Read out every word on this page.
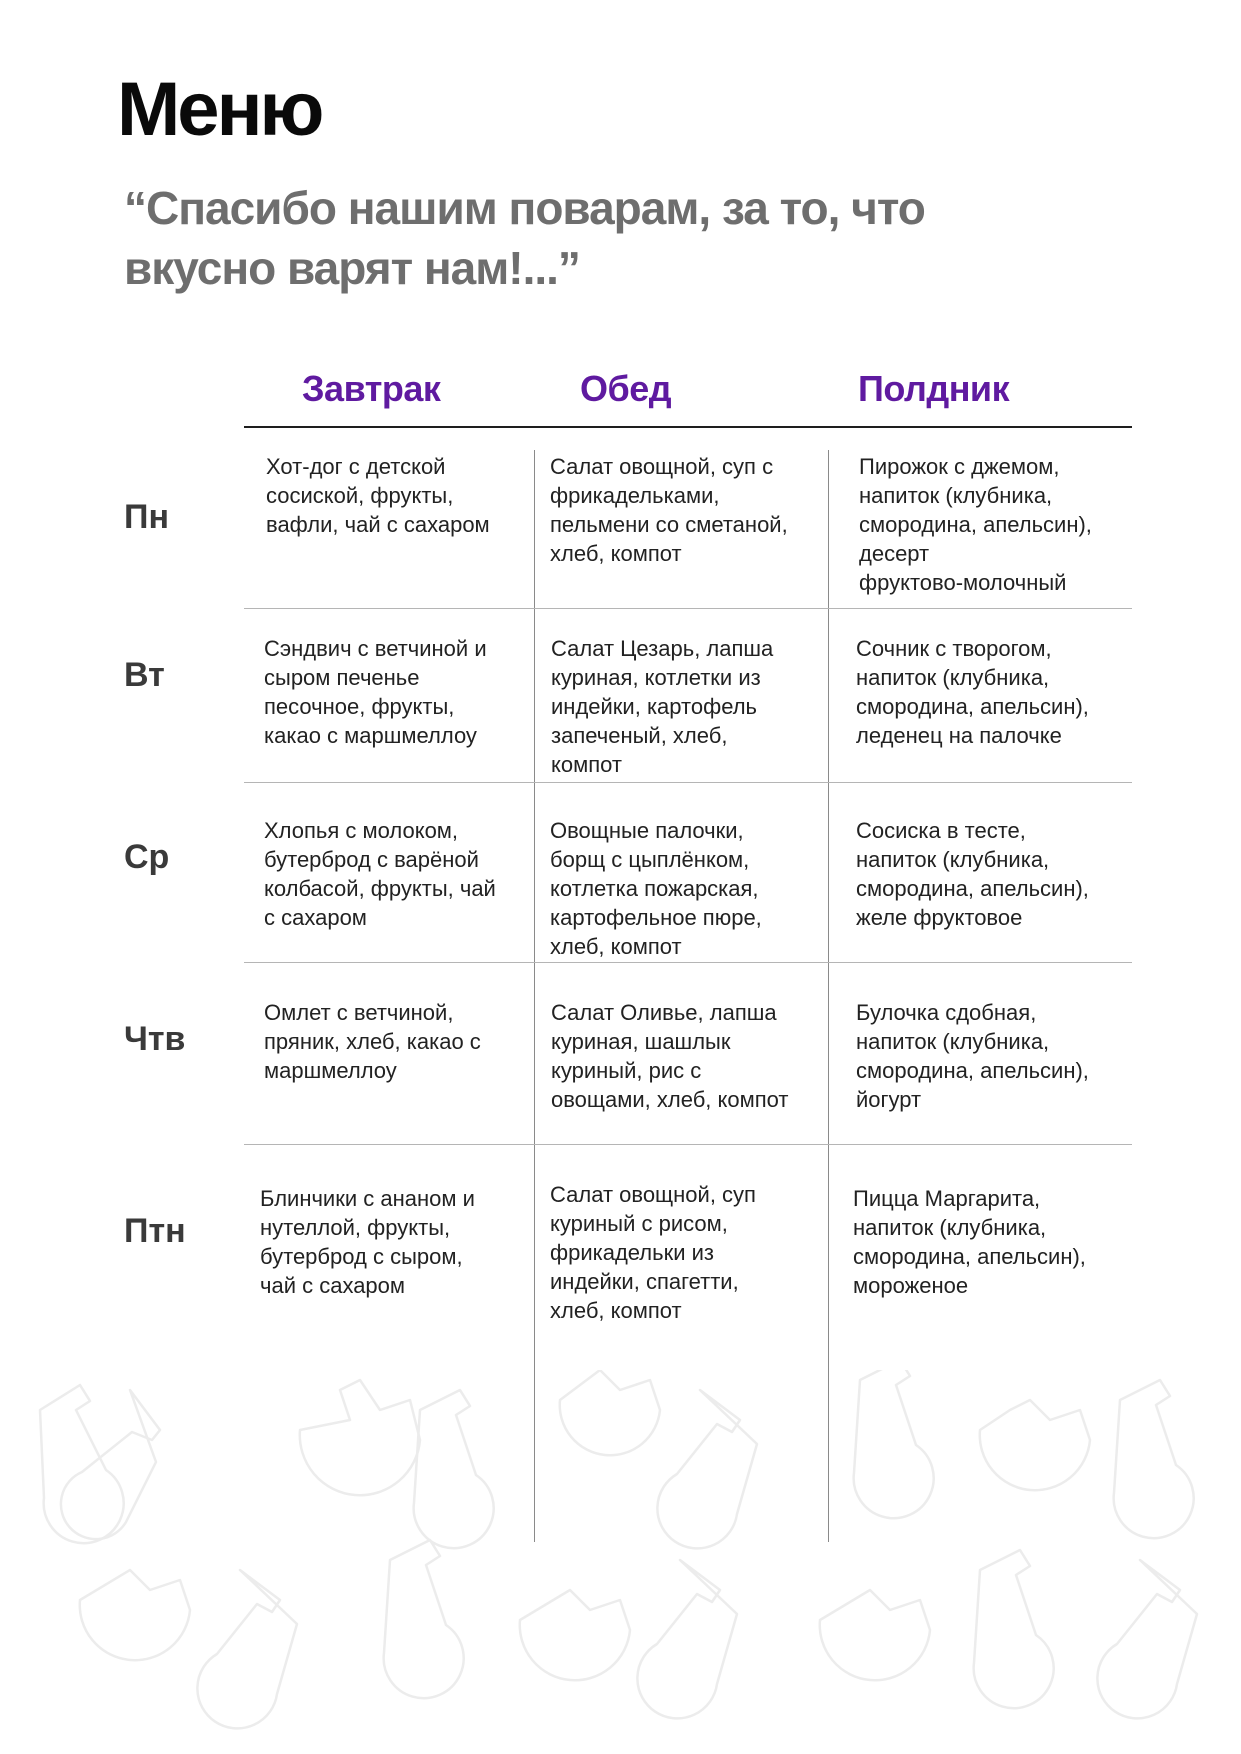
Меню

“Спасибо нашим поварам, за то, что вкусно варят нам!...”

Завтрак	Обед	Полдник
Пн
Хот-дог с детской
сосиской, фрукты,
вафли, чай с сахаром
Салат овощной, суп с
фрикадельками,
пельмени со сметаной,
хлеб, компот
Пирожок с джемом,
напиток (клубника,
смородина, апельсин),
десерт
фруктово-молочный
Вт
Сэндвич с ветчиной и
сыром печенье
песочное, фрукты,
какао с маршмеллоу
Салат Цезарь, лапша
куриная, котлетки из
индейки, картофель
запеченый, хлеб,
компот
Сочник с творогом,
напиток (клубника,
смородина, апельсин),
леденец на палочке
Ср
Хлопья с молоком,
бутерброд с варёной
колбасой, фрукты, чай
с сахаром
Овощные палочки,
борщ с цыплёнком,
котлетка пожарская,
картофельное пюре,
хлеб, компот
Сосиска в тесте,
напиток (клубника,
смородина, апельсин),
желе фруктовое
Чтв
Омлет с ветчиной,
пряник, хлеб, какао с
маршмеллоу
Салат Оливье, лапша
куриная, шашлык
куриный, рис с
овощами, хлеб, компот
Булочка сдобная,
напиток (клубника,
смородина, апельсин),
йогурт
Птн
Блинчики с ананом и
нутеллой, фрукты,
бутерброд с сыром,
чай с сахаром
Салат овощной, суп
куриный с рисом,
фрикадельки из
индейки, спагетти,
хлеб, компот
Пицца Маргарита,
напиток (клубника,
смородина, апельсин),
мороженое
